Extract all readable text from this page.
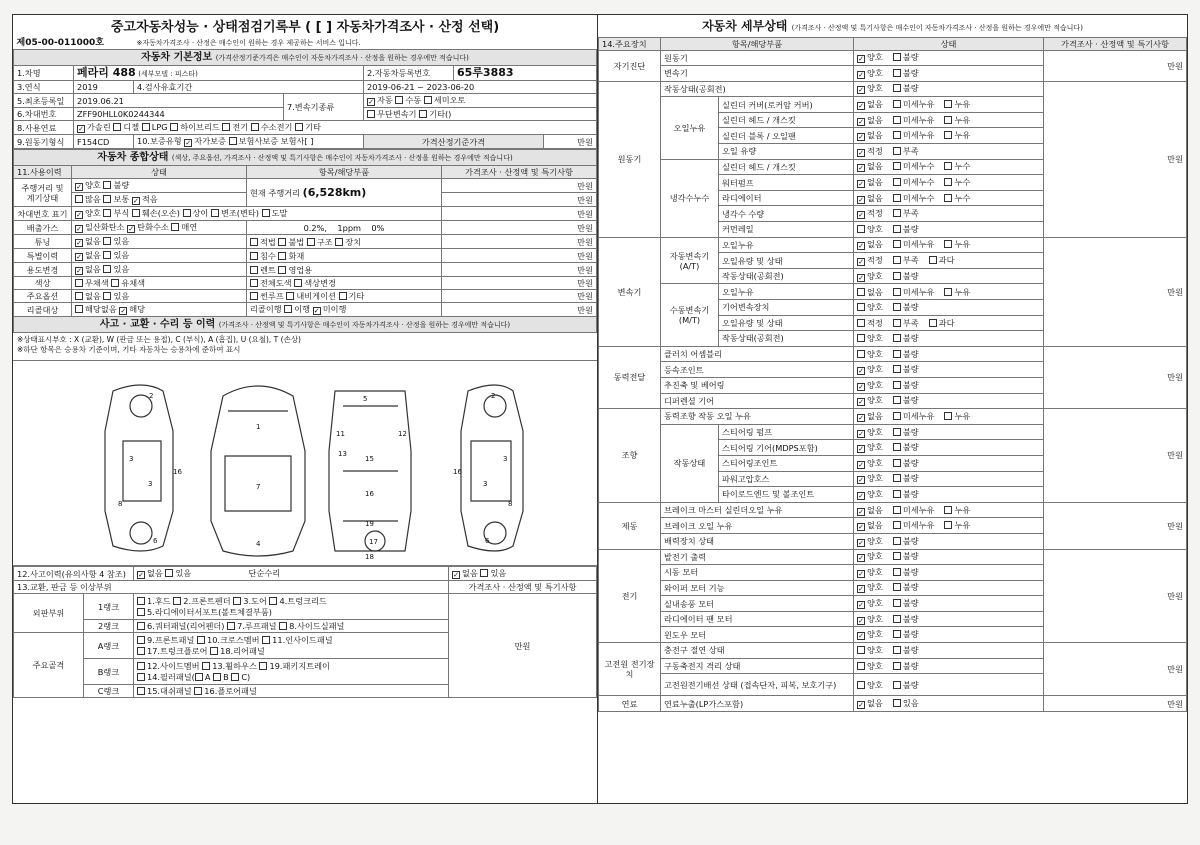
중고자동차성능 · 상태점검기록부 ( [ ] 자동차가격조사 · 산정 선택)						
제05-00-011000호		※자동차가격조사 · 산정은 매수인이 원하는 경우 제공하는 서비스 입니다.				
자동차 기본정보 (가격산정기준가격은 매수인이 자동차가격조사 · 산정을 원하는 경우에만 적습니다)						
1.차명	페라리 488 (세부모델 : 피스타)			2.자동차등록번호	65루3883	
3.연식	2019	4.검사유효기간		2019-06-21 ~ 2023-06-20		
5.최초등록일	2019.06.21		7.변속기종류	✓ 자동 수동 세미오토		
6.차대번호	ZFF90HLL0K0244344			무단변속기 기타()		
8.사용연료	✓ 가솔린 디젤 LPG 하이브리드 전기 수소전기 기타					
9.원동기형식	F154CD	10.보증유형 ✓ 자가보증 보험사보증 보험사[ ]		가격산정기준가격		만원
자동차 종합상태 (색상, 주요옵션, 가격조사 · 산정액 및 특기사항은 매수인이 자동차가격조사 · 산정을 원하는 경우에만 적습니다)			
11.사용이력	상태	항목/해당부품	가격조사 · 산정액 및 특기사항
주행거리 및 계기상태	✓ 양호 불량	현재 주행거리 (6,528km)	만원
	많음 보통 ✓ 적음		만원
차대번호 표기	✓ 양호 부식 훼손(오손) 상이 변조(변타) 도말		만원
배출가스	✓ 일산화탄소 ✓ 탄화수소 매연	0.2%, 1ppm 0%	만원
튜닝	✓ 없음 있음	적법 불법 구조 장치	만원
특별이력	✓ 없음 있음	침수 화재	만원
용도변경	✓ 없음 있음	렌트 영업용	만원
색상	무채색 유채색	전체도색 색상변경	만원
주요옵션	없음 있음	썬루프 내비게이션 기타	만원
리콜대상	해당없음 ✓ 해당	리콜이행 이행 ✓ 미이행	만원
사고 · 교환 · 수리 등 이력 (가격조사 · 산정액 및 특기사항은 매수인이 자동차가격조사 · 산정을 원하는 경우에만 적습니다)			
※상태표시부호 : X (교환), W (판금 또는 용접), C (부식), A (흠집), U (요철), T (손상)
※하단 항목은 승용차 기준이며, 기타 자동차는 승용차에 준하여 표시
2
3
3
16
8
6
1
7
4
5
11	12
13
15
16
19
17
18
2
3
3
16
8
6
12.사고이력(유의사항 4 참조)		✓ 없음 있음 단순수리	✓ 없음 있음
13.교환, 판금 등 이상부위			가격조사 · 산정액 및 특기사항
외판부위	1랭크	1.후드 2.프론트펜더 3.도어 4.트렁크리드
5.라디에이터서포트(볼트체결부품)	만원
	2랭크	6.쿼터패널(리어펜더) 7.루프패널 8.사이드실패널	
주요골격	A랭크	9.프론트패널 10.크로스멤버 11.인사이드패널
17.트렁크플로어 18.리어패널	
	B랭크	12.사이드멤버 13.휠하우스 19.패키지트레이
14.필러패널( A B C)	
	C랭크	15.대쉬패널 16.플로어패널	
자동차 세부상태 (가격조사 · 산정액 및 특기사항은 매수인이 자동차가격조사 · 산정을 원하는 경우에만 적습니다)				
14.주요장치	항목/해당부품		상태	가격조사 · 산정액 및 특기사항
자기진단	원동기		✓ 양호 불량	만원
	변속기		✓ 양호 불량	
원동기	작동상태(공회전)		✓ 양호 불량	만원
	오일누유	실린더 커버(로커암 커버)	✓ 없음 미세누유 누유	
		실린더 헤드 / 개스킷	✓ 없음 미세누유 누유	
		실린더 블록 / 오일팬	✓ 없음 미세누유 누유	
		오일 유량	✓ 적정 부족	
	냉각수누수	실린더 헤드 / 개스킷	✓ 없음 미세누수 누수	
		워터펌프	✓ 없음 미세누수 누수	
		라디에이터	✓ 없음 미세누수 누수	
		냉각수 수량	✓ 적정 부족	
		커먼레일	양호 불량	
변속기	자동변속기 (A/T)	오일누유	✓ 없음 미세누유 누유	만원
		오일유량 및 상태	✓ 적정 부족 과다	
		작동상태(공회전)	✓ 양호 불량	
	수동변속기 (M/T)	오일누유	없음 미세누유 누유	
		기어변속장치	양호 불량	
		오일유량 및 상태	적정 부족 과다	
		작동상태(공회전)	양호 불량	
동력전달	클러치 어셈블리		양호 불량	만원
	등속조인트		✓ 양호 불량	
	추진축 및 베어링		✓ 양호 불량	
	디퍼렌셜 기어		✓ 양호 불량	
조향	동력조향 작동 오일 누유		✓ 없음 미세누유 누유	만원
	작동상태	스티어링 펌프	✓ 양호 불량	
		스티어링 기어(MDPS포함)	✓ 양호 불량	
		스티어링조인트	✓ 양호 불량	
		파워고압호스	✓ 양호 불량	
		타이로드엔드 및 볼조인트	✓ 양호 불량	
제동	브레이크 마스터 실린더오일 누유		✓ 없음 미세누유 누유	만원
	브레이크 오일 누유		✓ 없음 미세누유 누유	
	배력장치 상태		✓ 양호 불량	
전기	발전기 출력		✓ 양호 불량	만원
	시동 모터		✓ 양호 불량	
	와이퍼 모터 기능		✓ 양호 불량	
	실내송풍 모터		✓ 양호 불량	
	라디에이터 팬 모터		✓ 양호 불량	
	윈도우 모터		✓ 양호 불량	
고전원 전기장치	충전구 절연 상태		양호 불량	만원
	구동축전지 격리 상태		양호 불량	
	고전원전기배선 상태 (접속단자, 피복, 보호기구)		양호 불량	
연료	연료누출(LP가스포함)		✓ 없음 있음	만원
